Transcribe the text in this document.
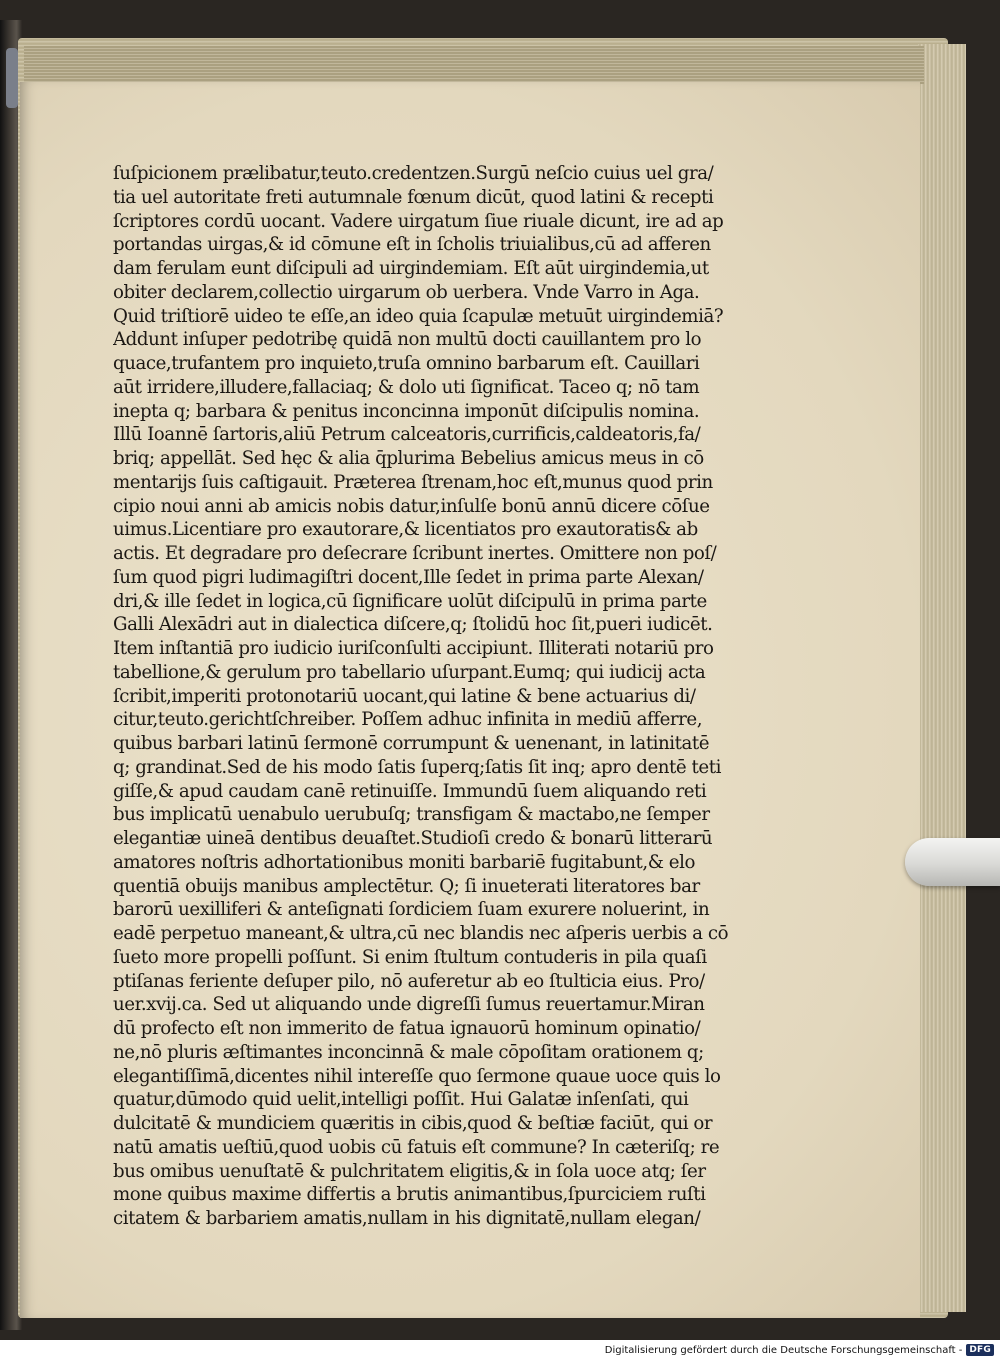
ſuſpicionem prælibatur,teuto.credentzen.Surgū neſcio cuius uel gra/
tia uel autoritate freti autumnale fœnum dicūt, quod latini & recepti
ſcriptores cordū uocant. Vadere uirgatum ſiue riuale dicunt, ire ad ap
portandas uirgas,& id cōmune eſt in ſcholis triuialibus,cū ad afferen
dam ferulam eunt diſcipuli ad uirgindemiam. Eſt aūt uirgindemia,ut
obiter declarem,collectio uirgarum ob uerbera. Vnde Varro in Aga.
Quid triſtiorē uideo te eſſe,an ideo quia ſcapulæ metuūt uirgindemiā?
Addunt inſuper pedotribę quidā non multū docti cauillantem pro lo
quace,trufantem pro inquieto,truſa omnino barbarum eſt. Cauillari
aūt irridere,illudere,fallaciaq; & dolo uti ſignificat. Taceo q; nō tam
inepta q; barbara & penitus inconcinna imponūt diſcipulis nomina.
Illū Ioannē ſartoris,aliū Petrum calceatoris,currificis,caldeatoris,fa/
briq; appellāt. Sed hęc & alia q̄plurima Bebelius amicus meus in cō
mentarijs ſuis caſtigauit. Præterea ſtrenam,hoc eſt,munus quod prin
cipio noui anni ab amicis nobis datur,inſulſe bonū annū dicere cōſue
uimus.Licentiare pro exautorare,& licentiatos pro exautoratis& ab
actis. Et degradare pro deſecrare ſcribunt inertes. Omittere non poſ/
ſum quod pigri ludimagiſtri docent,Ille ſedet in prima parte Alexan/
dri,& ille ſedet in logica,cū ſignificare uolūt diſcipulū in prima parte
Galli Alexādri aut in dialectica diſcere,q; ſtolidū hoc ſit,pueri iudicēt.
Item inſtantiā pro iudicio iuriſconſulti accipiunt. Illiterati notariū pro
tabellione,& gerulum pro tabellario uſurpant.Eumq; qui iudicij acta
ſcribit,imperiti protonotariū uocant,qui latine & bene actuarius di/
citur,teuto.gerichtſchreiber. Poſſem adhuc infinita in mediū afferre,
quibus barbari latinū ſermonē corrumpunt & uenenant, in latinitatē
q; grandinat.Sed de his modo ſatis ſuperq;ſatis ſit inq; apro dentē teti
giſſe,& apud caudam canē retinuiſſe. Immundū ſuem aliquando reti
bus implicatū uenabulo uerubuſq; transfigam & mactabo,ne ſemper
elegantiæ uineā dentibus deuaſtet.Studioſi credo & bonarū litterarū
amatores noſtris adhortationibus moniti barbariē fugitabunt,& elo
quentiā obuijs manibus amplectētur. Q; ſi inueterati literatores bar
barorū uexilliferi & anteſignati ſordiciem ſuam exurere noluerint, in
eadē perpetuo maneant,& ultra,cū nec blandis nec aſperis uerbis a cō
ſueto more propelli poſſunt. Si enim ſtultum contuderis in pila quaſi
ptiſanas feriente deſuper pilo, nō auferetur ab eo ſtulticia eius. Pro/
uer.xvij.ca. Sed ut aliquando unde digreſſi ſumus reuertamur.Miran
dū profecto eſt non immerito de fatua ignauorū hominum opinatio/
ne,nō pluris æſtimantes inconcinnā & male cōpoſitam orationem q;
elegantiſſimā,dicentes nihil intereſſe quo ſermone quaue uoce quis lo
quatur,dūmodo quid uelit,intelligi poſſit. Hui Galatæ inſenſati, qui
dulcitatē & mundiciem quæritis in cibis,quod & beſtiæ faciūt, qui or
natū amatis ueſtiū,quod uobis cū fatuis eſt commune? In cæteriſq; re
bus omibus uenuſtatē & pulchritatem eligitis,& in ſola uoce atq; ſer
mone quibus maxime differtis a brutis animantibus,ſpurciciem ruſti
citatem & barbariem amatis,nullam in his dignitatē,nullam elegan/
Digitalisierung gefördert durch die Deutsche Forschungsgemeinschaft - DFG
